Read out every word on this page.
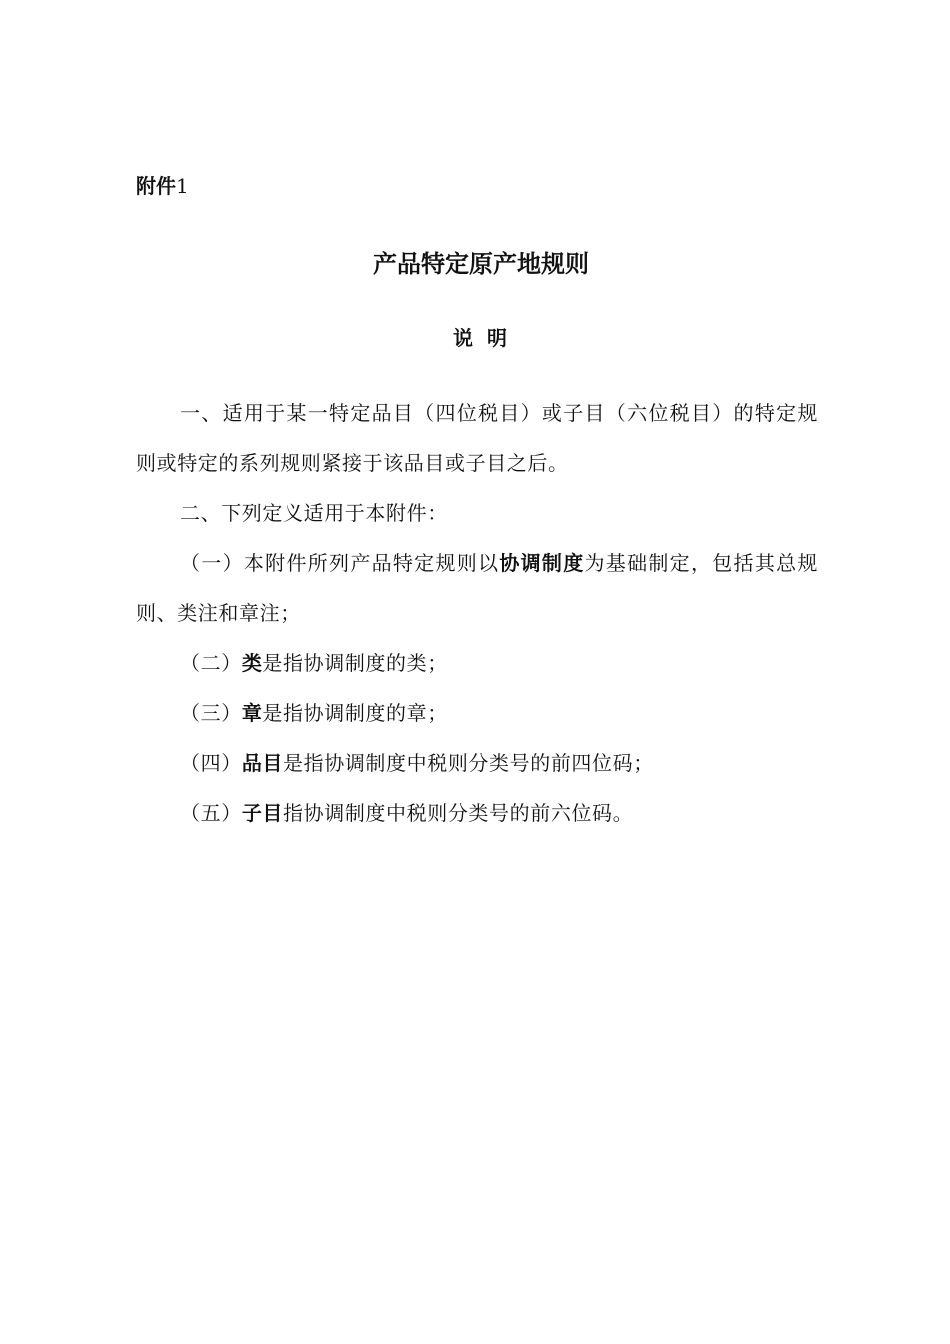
附件1
产品特定原产地规则
说明

一、适用于某一特定品目（四位税目）或子目（六位税目）的特定规则或特定的系列规则紧接于该品目或子目之后。

二、下列定义适用于本附件：

（一）本附件所列产品特定规则以协调制度为基础制定，包括其总规则、类注和章注；

（二）类是指协调制度的类；

（三）章是指协调制度的章；

（四）品目是指协调制度中税则分类号的前四位码；

（五）子目指协调制度中税则分类号的前六位码。
